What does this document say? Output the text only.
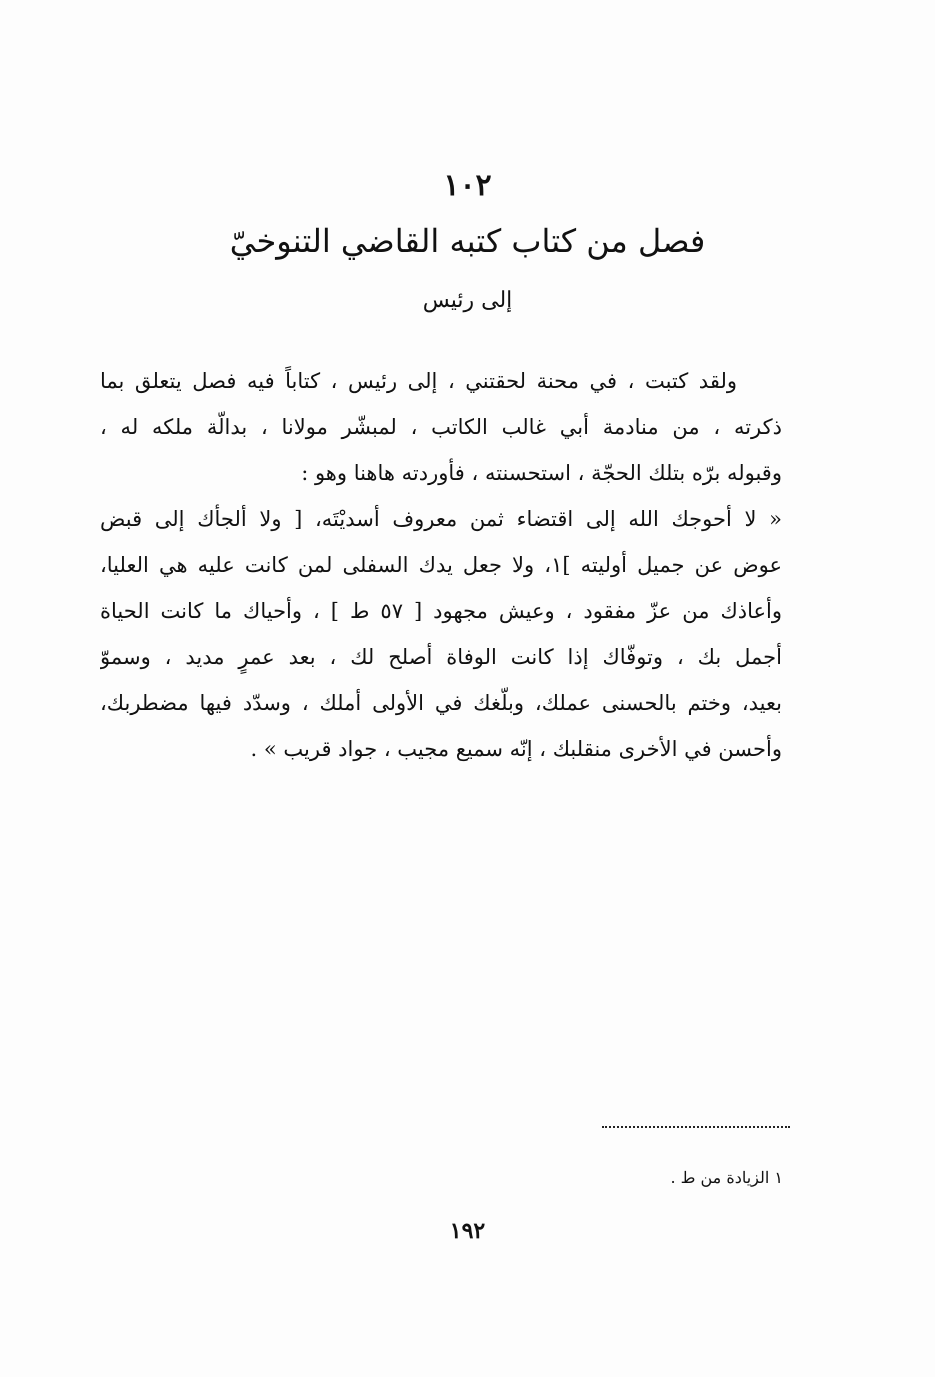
١٠٢
فصل من كتاب كتبه القاضي التنوخيّ
إلى رئيس
ولقد كتبت ، في محنة لحقتني ، إلى رئيس ، كتاباً فيه فصل يتعلق بما
ذكرته ، من منادمة أبي غالب الكاتب ، لمبشّر مولانا ، بدالّة ملكه له ،
وقبوله برّه بتلك الحجّة ، استحسنته ، فأوردته هاهنا وهو :
« لا أحوجك الله إلى اقتضاء ثمن معروف أسديْتَه، [ ولا ألجأك إلى قبض
عوض عن جميل أوليته ]١، ولا جعل يدك السفلى لمن كانت عليه هي العليا،
وأعاذك من عزّ مفقود ، وعيش مجهود [ ٥٧ ط ] ، وأحياك ما كانت الحياة
أجمل بك ، وتوفّاك إذا كانت الوفاة أصلح لك ، بعد عمرٍ مديد ، وسموّ
بعيد، وختم بالحسنى عملك، وبلّغك في الأولى أملك ، وسدّد فيها مضطربك،
وأحسن في الأخرى منقلبك ، إنّه سميع مجيب ، جواد قريب » .
١ الزيادة من ط .
١٩٢
